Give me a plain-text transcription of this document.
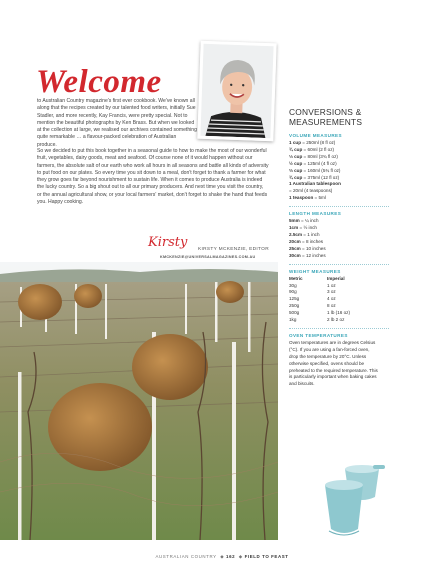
Welcome

to Australian Country magazine's first ever cookbook. We've known all along that the recipes created by our talented food writers, initially Sue Stadler, and more recently, Kay Francis, were pretty special. Not to mention the beautiful photographs by Ken Brass. But when we looked at the collection at large, we realised our archives contained something quite remarkable … a flavour-packed celebration of Australian produce.

So we decided to put this book together in a seasonal guide to how to make the most of our wonderful fruit, vegetables, dairy goods, meat and seafood. Of course none of it would happen without our farmers, the absolute salt of our earth who work all hours in all seasons and battle all kinds of adversity to put food on our plates. So every time you sit down to a meal, don't forget to thank a farmer for what they grow goes far beyond nourishment to sustain life. When it comes to produce Australia is indeed the lucky country. So a big shout out to all our primary producers. And next time you visit the country, or the annual agricultural show, or your local farmers' market, don't forget to shake the hand that feeds you. Happy cooking.

Kirsty KIRSTY MCKENZIE, EDITOR
KMCKENZIE@UNIVERSALMAGAZINES.COM.AU
CONVERSIONS &
MEASUREMENTS
VOLUME MEASURES
1 cup = 250ml (8 fl oz)
¾ cup = 60ml (2 fl oz)
⅓ cup = 80ml (3¾ fl oz)
½ cup = 125ml (4 fl oz)
⅔ cup = 160ml (5¾ fl oz)
¾ cup = 375ml (12 fl oz)
1 Australian tablespoon
= 20ml (4 teaspoons)
1 teaspoon = 5ml
LENGTH MEASURES
5mm = ¼ inch
1cm = ½ inch
2.5cm = 1 inch
20cm = 8 inches
25cm = 10 inches
30cm = 12 inches
WEIGHT MEASURES
Metric	Imperial
30g	1 oz
90g	3 oz
125g	4 oz
250g	8 oz
500g	1 lb (16 oz)
1kg	2 lb 2 oz
OVEN TEMPERATURES
Oven temperatures are in degrees Celsius (°C). If you are using a fan-forced oven, drop the temperature by 20°C. Unless otherwise specified, ovens should be preheated to the required temperature. This is particularly important when baking cakes and biscuits.
AUSTRALIAN COUNTRY  ◆ 162  ◆ FIELD TO FEAST
